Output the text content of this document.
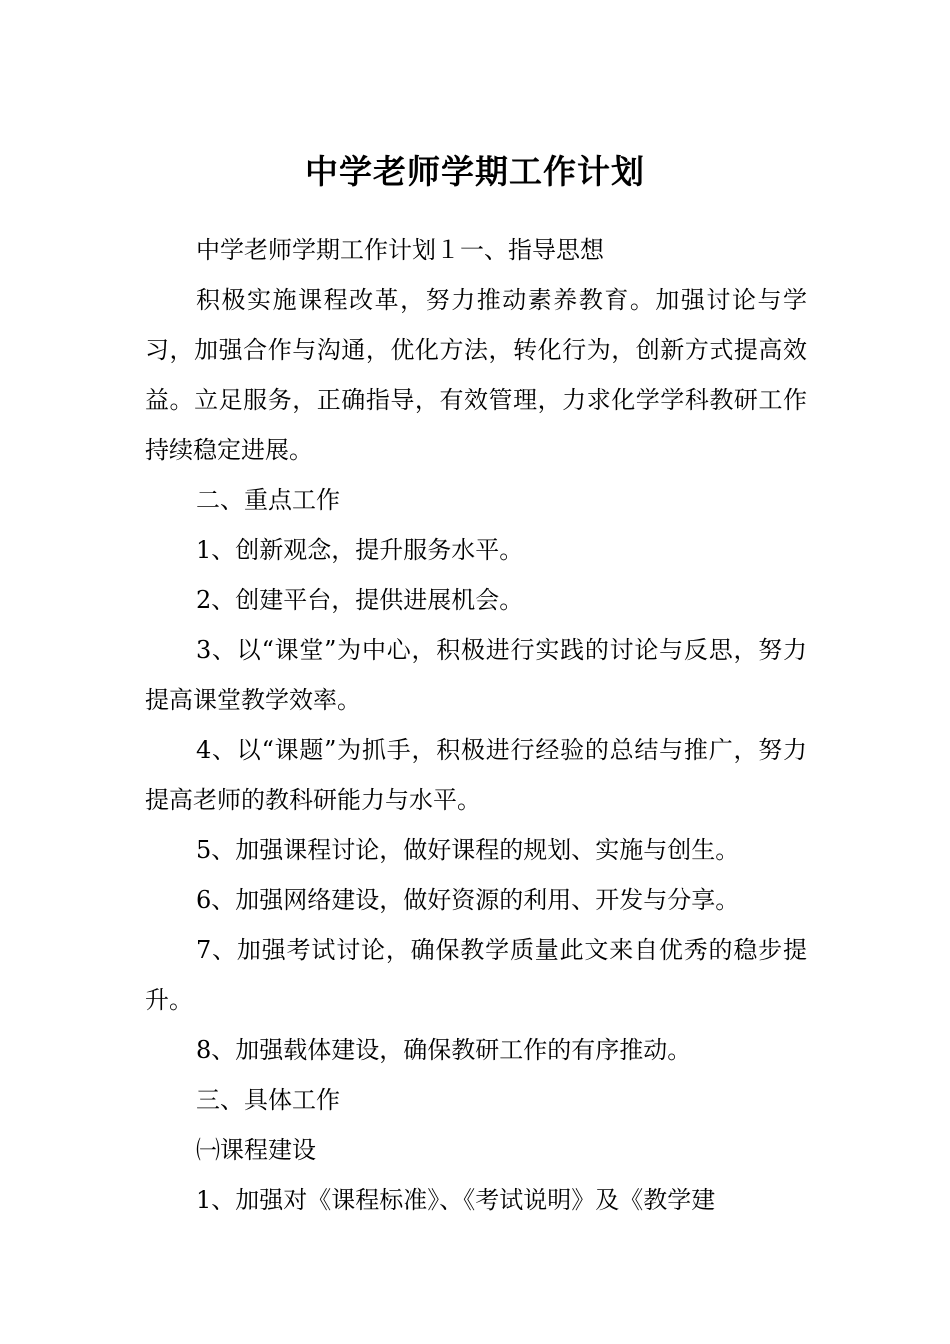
中学老师学期工作计划

中学老师学期工作计划１一、指导思想

积极实施课程改革，努力推动素养教育。加强讨论与学习，加强合作与沟通，优化方法，转化行为，创新方式提高效益。立足服务，正确指导，有效管理，力求化学学科教研工作持续稳定进展。

二、重点工作

1、创新观念，提升服务水平。

2、创建平台，提供进展机会。

3、以“课堂”为中心，积极进行实践的讨论与反思，努力提高课堂教学效率。

4、以“课题”为抓手，积极进行经验的总结与推广，努力提高老师的教科研能力与水平。

5、加强课程讨论，做好课程的规划、实施与创生。

6、加强网络建设，做好资源的利用、开发与分享。

7、加强考试讨论，确保教学质量此文来自优秀的稳步提升。

8、加强载体建设，确保教研工作的有序推动。

三、具体工作

㈠课程建设

1、加强对《课程标准》、《考试说明》及《教学建
